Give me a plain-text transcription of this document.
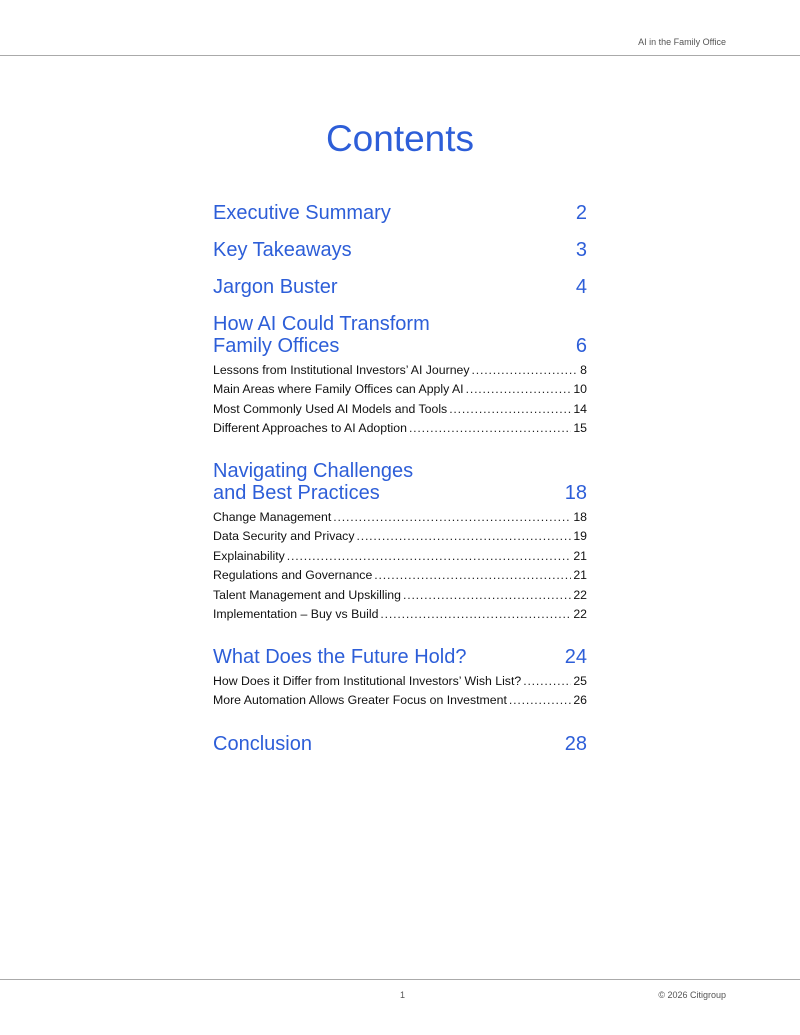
AI in the Family Office
Contents
Executive Summary	2
Key Takeaways	3
Jargon Buster	4
How AI Could Transform
Family Offices	6
Lessons from Institutional Investors’ AI Journey . . .	8
Main Areas where Family Offices can Apply AI . . .	10
Most Commonly Used AI Models and Tools . . .	14
Different Approaches to AI Adoption . . .	15
Navigating Challenges
and Best Practices	18
Change Management . . .	18
Data Security and Privacy . . .	19
Explainability . . .	21
Regulations and Governance . . .	21
Talent Management and Upskilling . . .	22
Implementation – Buy vs Build . . .	22
What Does the Future Hold?	24
How Does it Differ from Institutional Investors’ Wish List? . . .	25
More Automation Allows Greater Focus on Investment . . .	26
Conclusion	28
1	© 2026 Citigroup
